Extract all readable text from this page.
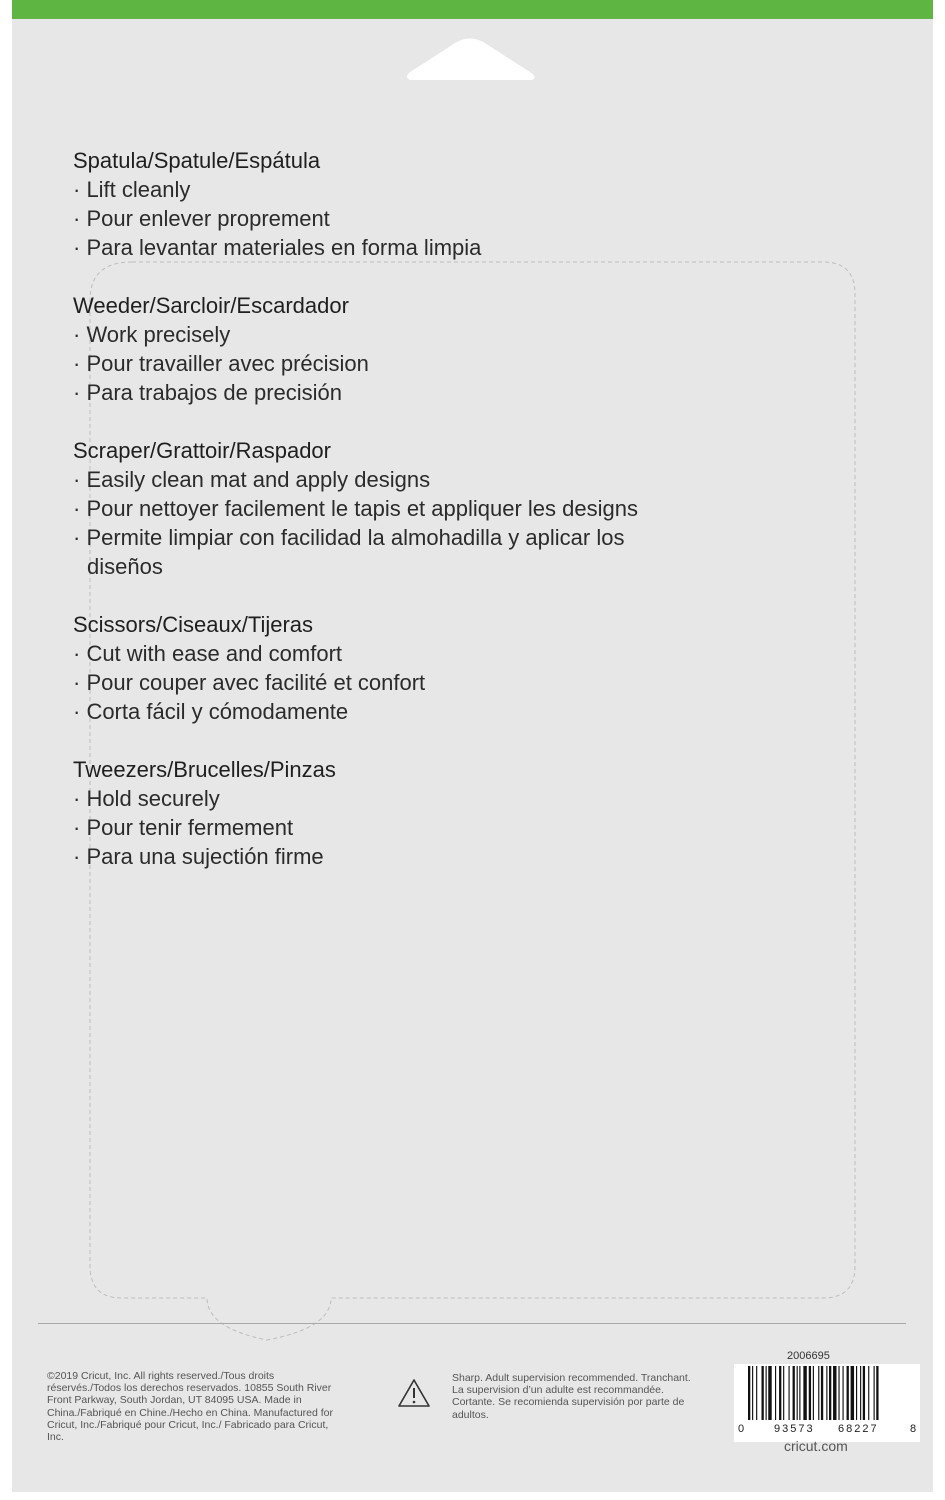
Spatula/Spatule/Espátula

· Lift cleanly

· Pour enlever proprement

· Para levantar materiales en forma limpia

Weeder/Sarcloir/Escardador

· Work precisely

· Pour travailler avec précision

· Para trabajos de precisión

Scraper/Grattoir/Raspador

· Easily clean mat and apply designs

· Pour nettoyer facilement le tapis et appliquer les designs

· Permite limpiar con facilidad la almohadilla y aplicar los diseños

Scissors/Ciseaux/Tijeras

· Cut with ease and comfort

· Pour couper avec facilité et confort

· Corta fácil y cómodamente

Tweezers/Brucelles/Pinzas

· Hold securely

· Pour tenir fermement

· Para una sujectión firme

©2019 Cricut, Inc. All rights reserved./Tous droits réservés./Todos los derechos reservados. 10855 South River Front Parkway, South Jordan, UT 84095 USA. Made in China./Fabriqué en Chine./Hecho en China. Manufactured for Cricut, Inc./Fabriqué pour Cricut, Inc./ Fabricado para Cricut, Inc.
Sharp. Adult supervision recommended. Tranchant. La supervision d’un adulte est recommandée. Cortante. Se recomienda supervisión por parte de adultos.
2006695
0	93573 68227	8
cricut.com
